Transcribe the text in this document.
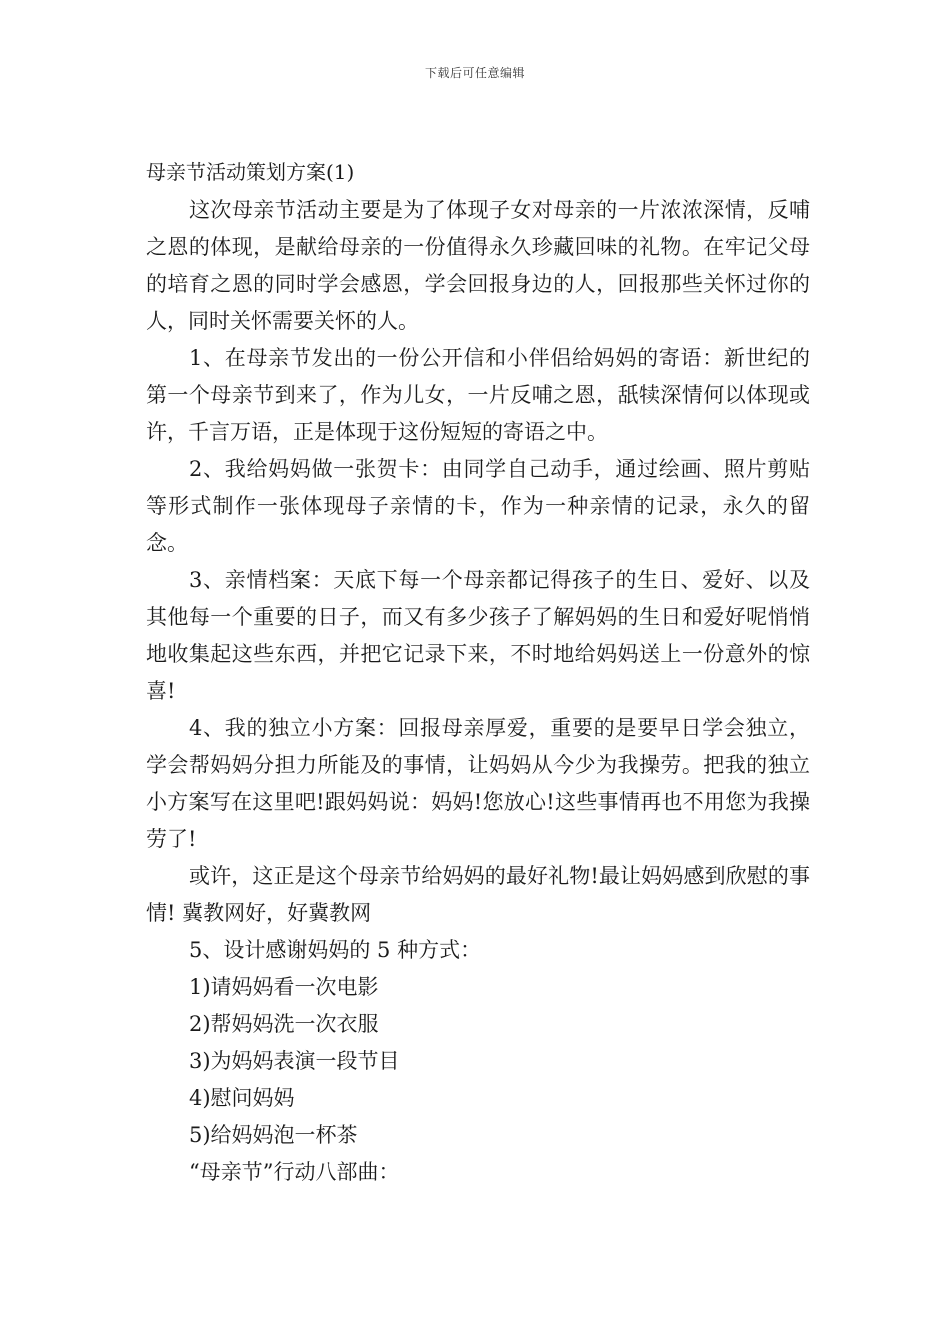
下载后可任意编辑
母亲节活动策划方案(1)

这次母亲节活动主要是为了体现子女对母亲的一片浓浓深情，反哺之恩的体现，是献给母亲的一份值得永久珍藏回味的礼物。在牢记父母的培育之恩的同时学会感恩，学会回报身边的人，回报那些关怀过你的人，同时关怀需要关怀的人。

1、在母亲节发出的一份公开信和小伴侣给妈妈的寄语：新世纪的第一个母亲节到来了，作为儿女，一片反哺之恩，舐犊深情何以体现或许，千言万语，正是体现于这份短短的寄语之中。

2、我给妈妈做一张贺卡：由同学自己动手，通过绘画、照片剪贴等形式制作一张体现母子亲情的卡，作为一种亲情的记录，永久的留念。

3、亲情档案：天底下每一个母亲都记得孩子的生日、爱好、以及其他每一个重要的日子，而又有多少孩子了解妈妈的生日和爱好呢悄悄地收集起这些东西，并把它记录下来，不时地给妈妈送上一份意外的惊喜!

4、我的独立小方案：回报母亲厚爱，重要的是要早日学会独立，学会帮妈妈分担力所能及的事情，让妈妈从今少为我操劳。把我的独立小方案写在这里吧!跟妈妈说：妈妈!您放心!这些事情再也不用您为我操劳了!

或许，这正是这个母亲节给妈妈的最好礼物!最让妈妈感到欣慰的事情! 冀教网好，好冀教网

5、设计感谢妈妈的 5 种方式：

1)请妈妈看一次电影

2)帮妈妈洗一次衣服

3)为妈妈表演一段节目

4)慰问妈妈

5)给妈妈泡一杯茶

“母亲节”行动八部曲：
